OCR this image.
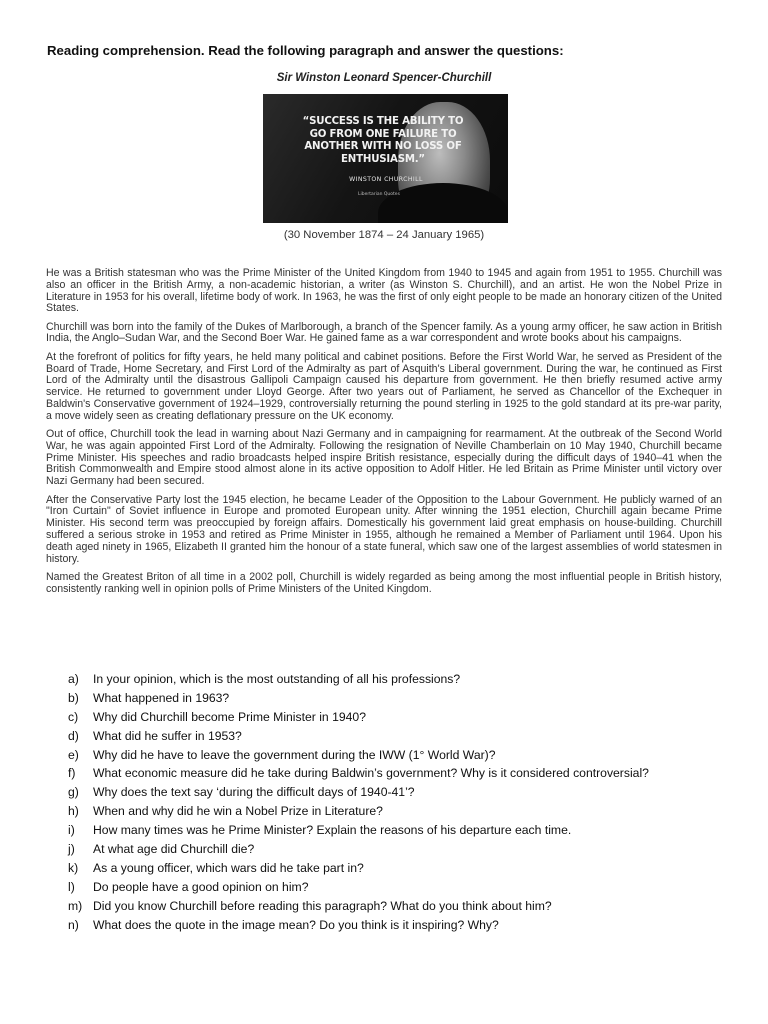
Reading comprehension. Read the following paragraph and answer the questions:

Sir Winston Leonard Spencer-Churchill
“SUCCESS IS THE ABILITY TO GO FROM ONE FAILURE TO ANOTHER WITH NO LOSS OF ENTHUSIASM.”
WINSTON CHURCHILL
Libertarian Quotes
(30 November 1874 – 24 January 1965)

He was a British statesman who was the Prime Minister of the United Kingdom from 1940 to 1945 and again from 1951 to 1955. Churchill was also an officer in the British Army, a non-academic historian, a writer (as Winston S. Churchill), and an artist. He won the Nobel Prize in Literature in 1953 for his overall, lifetime body of work. In 1963, he was the first of only eight people to be made an honorary citizen of the United States.

Churchill was born into the family of the Dukes of Marlborough, a branch of the Spencer family. As a young army officer, he saw action in British India, the Anglo–Sudan War, and the Second Boer War. He gained fame as a war correspondent and wrote books about his campaigns.

At the forefront of politics for fifty years, he held many political and cabinet positions. Before the First World War, he served as President of the Board of Trade, Home Secretary, and First Lord of the Admiralty as part of Asquith's Liberal government. During the war, he continued as First Lord of the Admiralty until the disastrous Gallipoli Campaign caused his departure from government. He then briefly resumed active army service. He returned to government under Lloyd George. After two years out of Parliament, he served as Chancellor of the Exchequer in Baldwin's Conservative government of 1924–1929, controversially returning the pound sterling in 1925 to the gold standard at its pre-war parity, a move widely seen as creating deflationary pressure on the UK economy.

Out of office, Churchill took the lead in warning about Nazi Germany and in campaigning for rearmament. At the outbreak of the Second World War, he was again appointed First Lord of the Admiralty. Following the resignation of Neville Chamberlain on 10 May 1940, Churchill became Prime Minister. His speeches and radio broadcasts helped inspire British resistance, especially during the difficult days of 1940–41 when the British Commonwealth and Empire stood almost alone in its active opposition to Adolf Hitler. He led Britain as Prime Minister until victory over Nazi Germany had been secured.

After the Conservative Party lost the 1945 election, he became Leader of the Opposition to the Labour Government. He publicly warned of an "Iron Curtain" of Soviet influence in Europe and promoted European unity. After winning the 1951 election, Churchill again became Prime Minister. His second term was preoccupied by foreign affairs. Domestically his government laid great emphasis on house-building. Churchill suffered a serious stroke in 1953 and retired as Prime Minister in 1955, although he remained a Member of Parliament until 1964. Upon his death aged ninety in 1965, Elizabeth II granted him the honour of a state funeral, which saw one of the largest assemblies of world statesmen in history.

Named the Greatest Briton of all time in a 2002 poll, Churchill is widely regarded as being among the most influential people in British history, consistently ranking well in opinion polls of Prime Ministers of the United Kingdom.

a) In your opinion, which is the most outstanding of all his professions?
b) What happened in 1963?
c) Why did Churchill become Prime Minister in 1940?
d) What did he suffer in 1953?
e) Why did he have to leave the government during the IWW (1° World War)?
f) What economic measure did he take during Baldwin’s government? Why is it considered controversial?
g) Why does the text say ‘during the difficult days of 1940-41’?
h) When and why did he win a Nobel Prize in Literature?
i) How many times was he Prime Minister? Explain the reasons of his departure each time.
j) At what age did Churchill die?
k) As a young officer, which wars did he take part in?
l) Do people have a good opinion on him?
m) Did you know Churchill before reading this paragraph? What do you think about him?
n) What does the quote in the image mean? Do you think is it inspiring? Why?
